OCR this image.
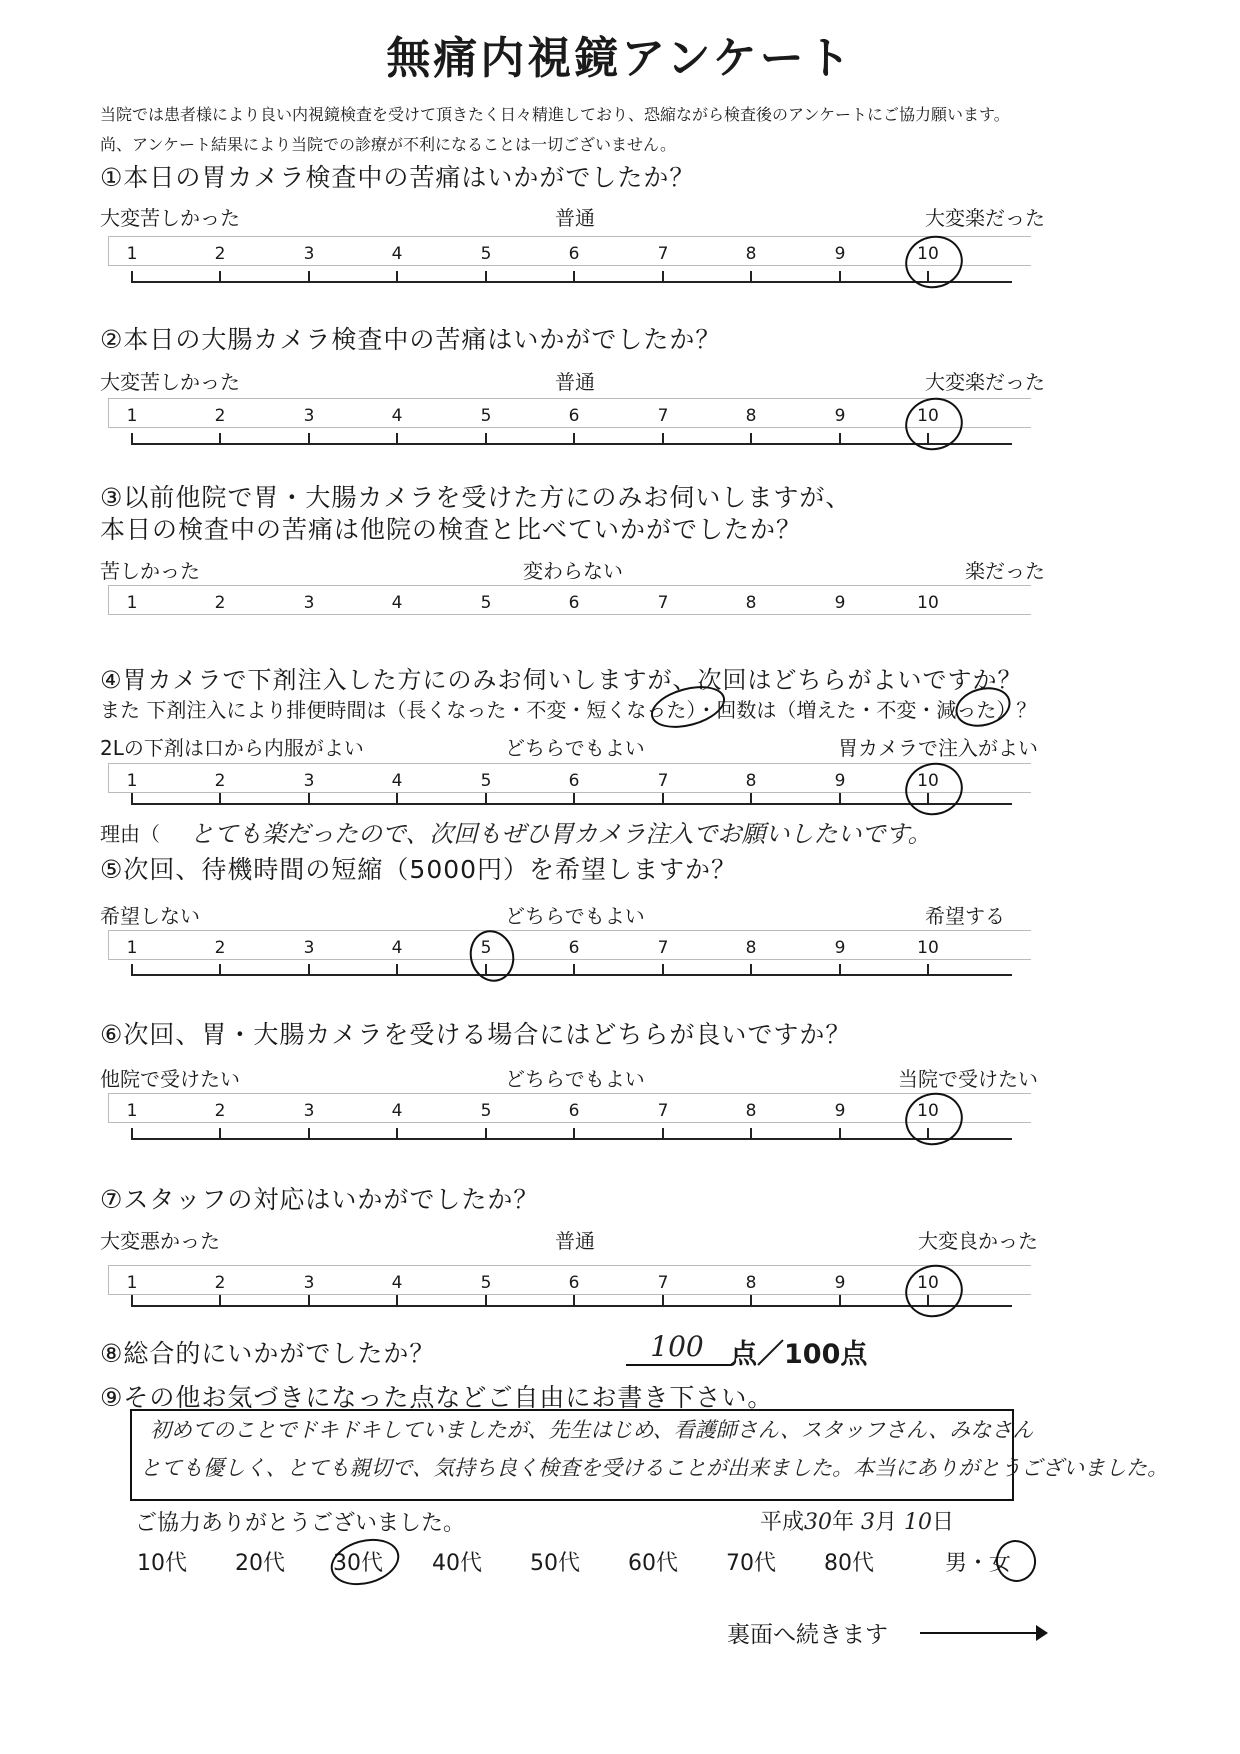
無痛内視鏡アンケート
当院では患者様により良い内視鏡検査を受けて頂きたく日々精進しており、恐縮ながら検査後のアンケートにご協力願います。
尚、アンケート結果により当院での診療が不利になることは一切ございません。
①本日の胃カメラ検査中の苦痛はいかがでしたか？
大変苦しかった	普通	大変楽だった
②本日の大腸カメラ検査中の苦痛はいかがでしたか？
大変苦しかった	普通	大変楽だった
③以前他院で胃・大腸カメラを受けた方にのみお伺いしますが、
本日の検査中の苦痛は他院の検査と比べていかがでしたか？
苦しかった	変わらない	楽だった
④胃カメラで下剤注入した方にのみお伺いしますが、次回はどちらがよいですか？
また 下剤注入により排便時間は（長くなった・不変・短くなった）・回数は（増えた・不変・減った）？
2Lの下剤は口から内服がよい	どちらでもよい	胃カメラで注入がよい
理由（ とても楽だったので、次回もぜひ胃カメラ注入でお願いしたいです。
⑤次回、待機時間の短縮（5000円）を希望しますか？
希望しない	どちらでもよい	希望する
⑥次回、胃・大腸カメラを受ける場合にはどちらが良いですか？
他院で受けたい	どちらでもよい	当院で受けたい
⑦スタッフの対応はいかがでしたか？
大変悪かった	普通	大変良かった
⑧総合的にいかがでしたか？	100 点／100点
⑨その他お気づきになった点などご自由にお書き下さい。
初めてのことでドキドキしていましたが、先生はじめ、看護師さん、スタッフさん、みなさん
とても優しく、とても親切で、気持ち良く検査を受けることが出来ました。本当にありがとうございました。
ご協力ありがとうございました。	平成30年 3月 10日
10代 20代 30代 40代 50代 60代 70代 80代	男・女
裏面へ続きます
1	2	3	4	5	6	7	8	9	10
1	2	3	4	5	6	7	8	9	10
1	2	3	4	5	6	7	8	9	10
1	2	3	4	5	6	7	8	9	10
1	2	3	4	5	6	7	8	9	10
1	2	3	4	5	6	7	8	9	10
1	2	3	4	5	6	7	8	9	10
